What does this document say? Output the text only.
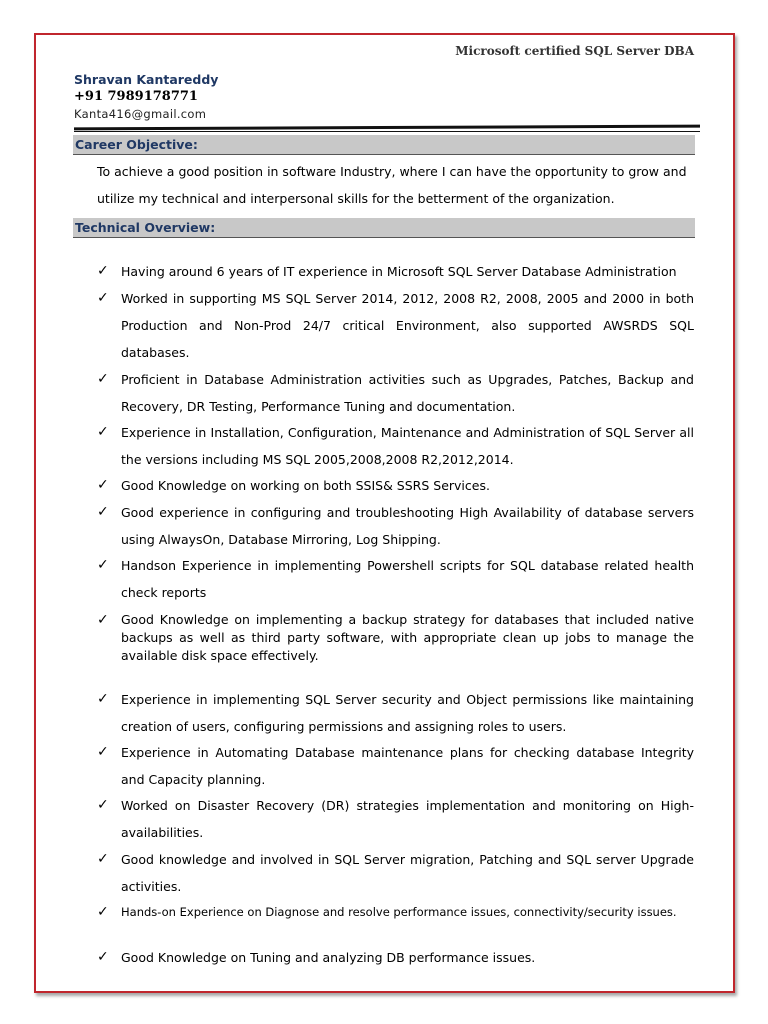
Microsoft certified SQL Server DBA
Shravan Kantareddy
+91 7989178771
Kanta416@gmail.com
Career Objective:
To achieve a good position in software Industry, where I can have the opportunity to grow and utilize my technical and interpersonal skills for the betterment of the organization.
Technical Overview:
✓ Having around 6 years of IT experience in Microsoft SQL Server Database Administration
✓ Worked in supporting MS SQL Server 2014, 2012, 2008 R2, 2008, 2005 and 2000 in both Production and Non-Prod 24/7 critical Environment, also supported AWSRDS SQL databases.
✓ Proficient in Database Administration activities such as Upgrades, Patches, Backup and Recovery, DR Testing, Performance Tuning and documentation.
✓ Experience in Installation, Configuration, Maintenance and Administration of SQL Server all the versions including MS SQL 2005,2008,2008 R2,2012,2014.
✓ Good Knowledge on working on both SSIS& SSRS Services.
✓ Good experience in configuring and troubleshooting High Availability of database servers using AlwaysOn, Database Mirroring, Log Shipping.
✓ Handson Experience in implementing Powershell scripts for SQL database related health check reports
✓ Good Knowledge on implementing a backup strategy for databases that included native backups as well as third party software, with appropriate clean up jobs to manage the available disk space effectively.
✓ Experience in implementing SQL Server security and Object permissions like maintaining creation of users, configuring permissions and assigning roles to users.
✓ Experience in Automating Database maintenance plans for checking database Integrity and Capacity planning.
✓ Worked on Disaster Recovery (DR) strategies implementation and monitoring on High-availabilities.
✓ Good knowledge and involved in SQL Server migration, Patching and SQL server Upgrade activities.
✓	Hands-on Experience on Diagnose and resolve performance issues, connectivity/security issues.
✓ Good Knowledge on Tuning and analyzing DB performance issues.
